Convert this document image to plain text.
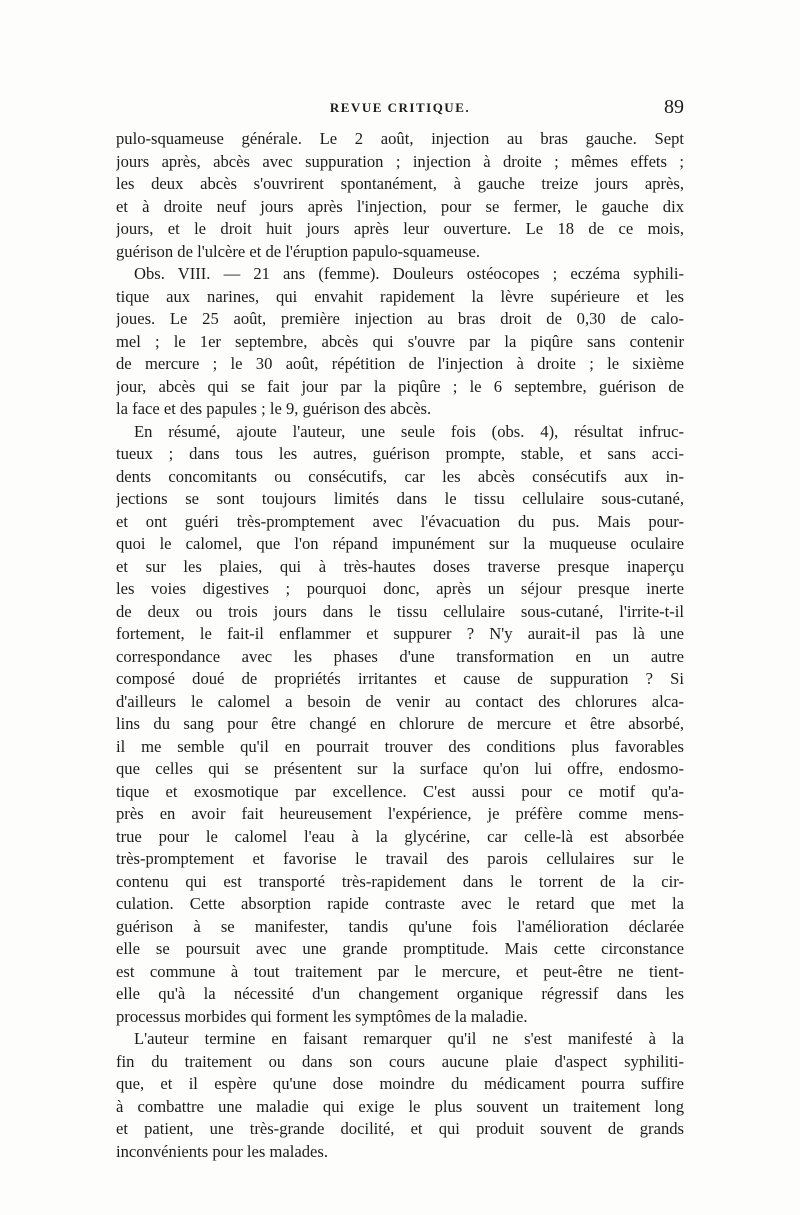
REVUE CRITIQUE.	89
pulo-squameuse générale. Le 2 août, injection au bras gauche. Sept
jours après, abcès avec suppuration ; injection à droite ; mêmes effets ;
les deux abcès s'ouvrirent spontanément, à gauche treize jours après,
et à droite neuf jours après l'injection, pour se fermer, le gauche dix
jours, et le droit huit jours après leur ouverture. Le 18 de ce mois,
guérison de l'ulcère et de l'éruption papulo-squameuse.
Obs. VIII. — 21 ans (femme). Douleurs ostéocopes ; eczéma syphili-
tique aux narines, qui envahit rapidement la lèvre supérieure et les
joues. Le 25 août, première injection au bras droit de 0,30 de calo-
mel ; le 1er septembre, abcès qui s'ouvre par la piqûre sans contenir
de mercure ; le 30 août, répétition de l'injection à droite ; le sixième
jour, abcès qui se fait jour par la piqûre ; le 6 septembre, guérison de
la face et des papules ; le 9, guérison des abcès.
En résumé, ajoute l'auteur, une seule fois (obs. 4), résultat infruc-
tueux ; dans tous les autres, guérison prompte, stable, et sans acci-
dents concomitants ou consécutifs, car les abcès consécutifs aux in-
jections se sont toujours limités dans le tissu cellulaire sous-cutané,
et ont guéri très-promptement avec l'évacuation du pus. Mais pour-
quoi le calomel, que l'on répand impunément sur la muqueuse oculaire
et sur les plaies, qui à très-hautes doses traverse presque inaperçu
les voies digestives ; pourquoi donc, après un séjour presque inerte
de deux ou trois jours dans le tissu cellulaire sous-cutané, l'irrite-t-il
fortement, le fait-il enflammer et suppurer ? N'y aurait-il pas là une
correspondance avec les phases d'une transformation en un autre
composé doué de propriétés irritantes et cause de suppuration ? Si
d'ailleurs le calomel a besoin de venir au contact des chlorures alca-
lins du sang pour être changé en chlorure de mercure et être absorbé,
il me semble qu'il en pourrait trouver des conditions plus favorables
que celles qui se présentent sur la surface qu'on lui offre, endosmo-
tique et exosmotique par excellence. C'est aussi pour ce motif qu'a-
près en avoir fait heureusement l'expérience, je préfère comme mens-
true pour le calomel l'eau à la glycérine, car celle-là est absorbée
très-promptement et favorise le travail des parois cellulaires sur le
contenu qui est transporté très-rapidement dans le torrent de la cir-
culation. Cette absorption rapide contraste avec le retard que met la
guérison à se manifester, tandis qu'une fois l'amélioration déclarée
elle se poursuit avec une grande promptitude. Mais cette circonstance
est commune à tout traitement par le mercure, et peut-être ne tient-
elle qu'à la nécessité d'un changement organique régressif dans les
processus morbides qui forment les symptômes de la maladie.
L'auteur termine en faisant remarquer qu'il ne s'est manifesté à la
fin du traitement ou dans son cours aucune plaie d'aspect syphiliti-
que, et il espère qu'une dose moindre du médicament pourra suffire
à combattre une maladie qui exige le plus souvent un traitement long
et patient, une très-grande docilité, et qui produit souvent de grands
inconvénients pour les malades.
